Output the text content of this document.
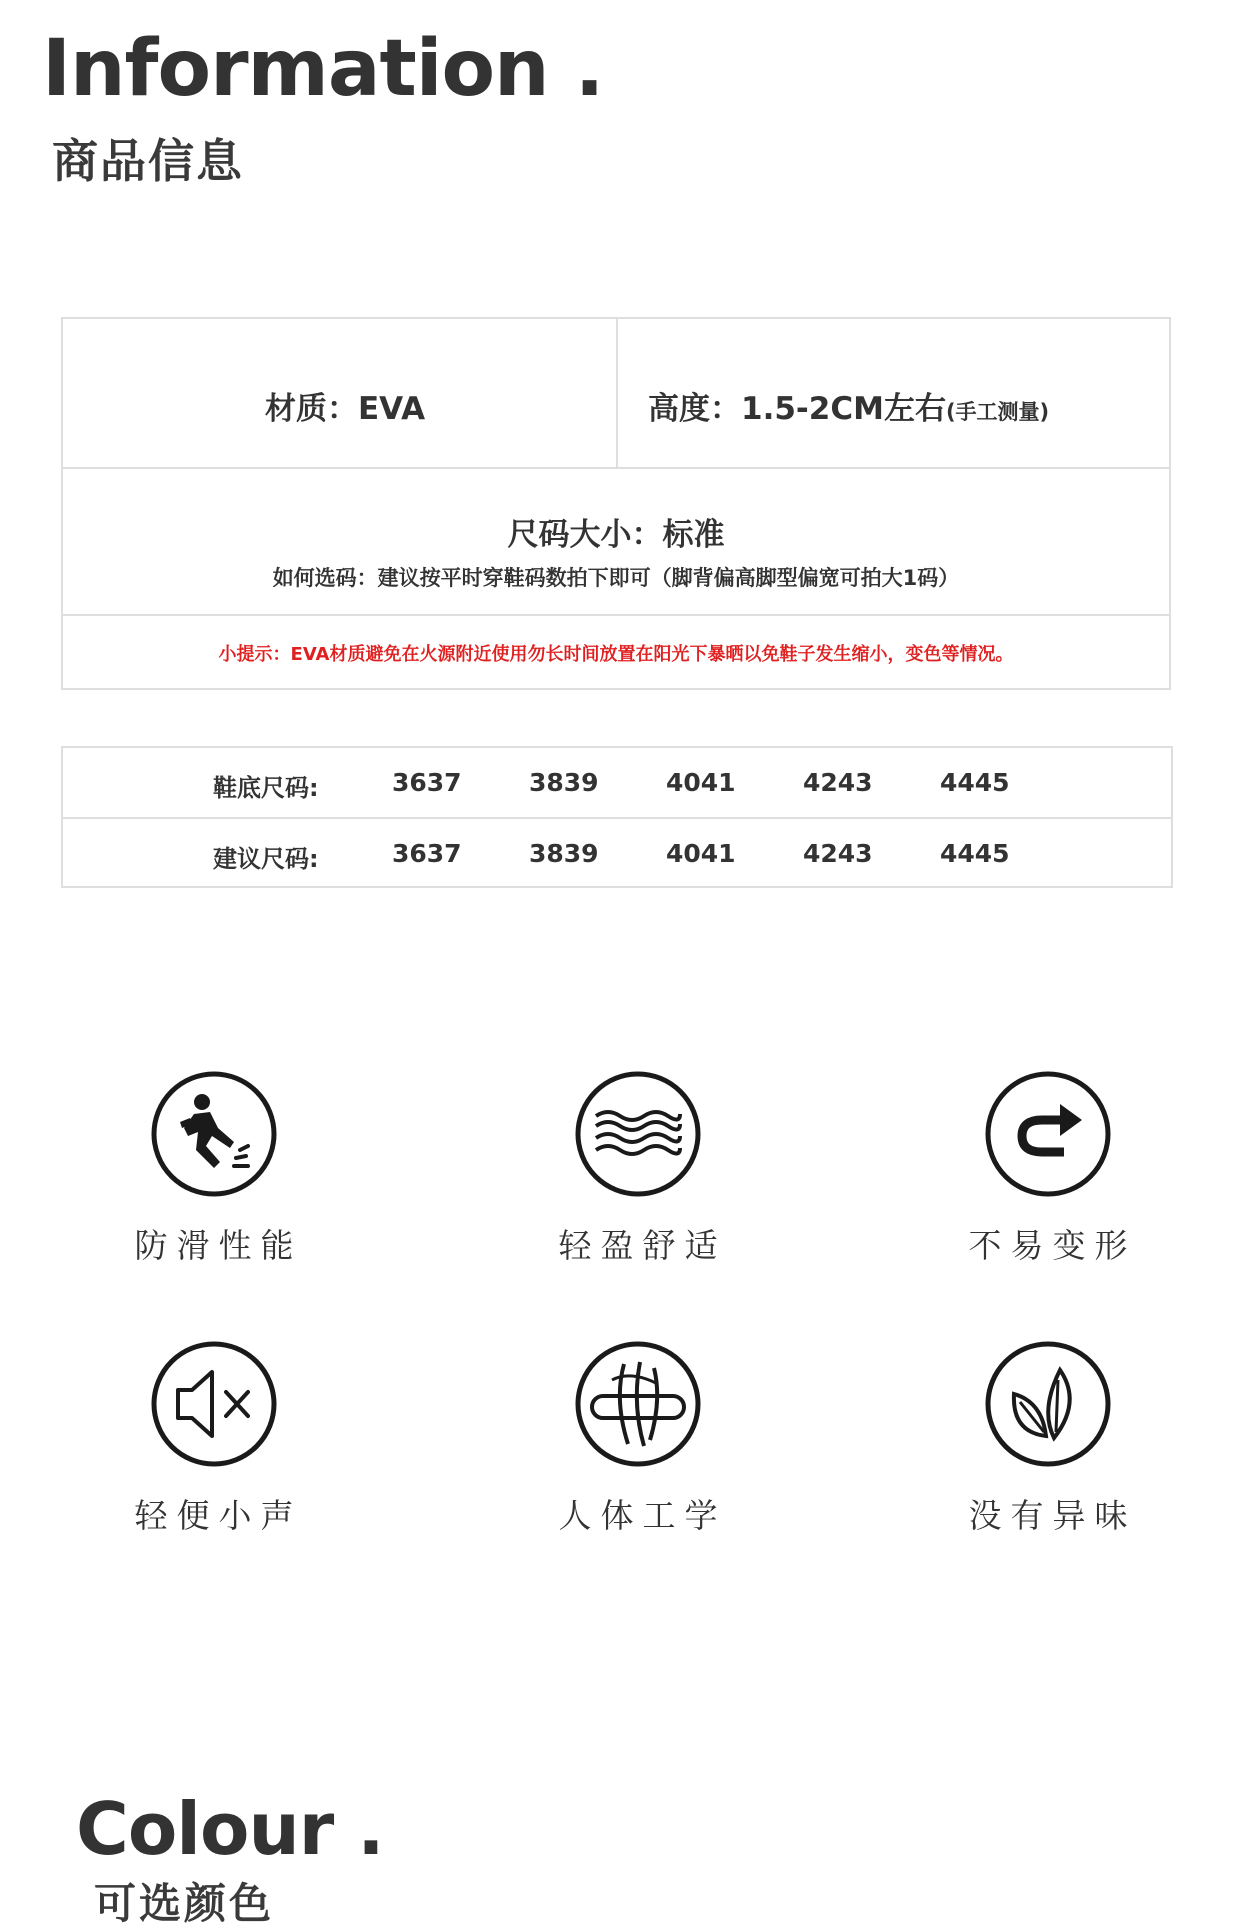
Information .
商品信息
材质：EVA	高度：1.5-2CM左右(手工测量)
尺码大小：标准
如何选码：建议按平时穿鞋码数拍下即可（脚背偏高脚型偏宽可拍大1码）
小提示：EVA材质避免在火源附近使用勿长时间放置在阳光下暴晒以免鞋子发生缩小，变色等情况。
鞋底尺码:	3637	3839	4041	4243	4445
建议尺码:	3637	3839	4041	4243	4445
防滑性能	轻盈舒适	不易变形
轻便小声	人体工学	没有异味
Colour .
可选颜色
